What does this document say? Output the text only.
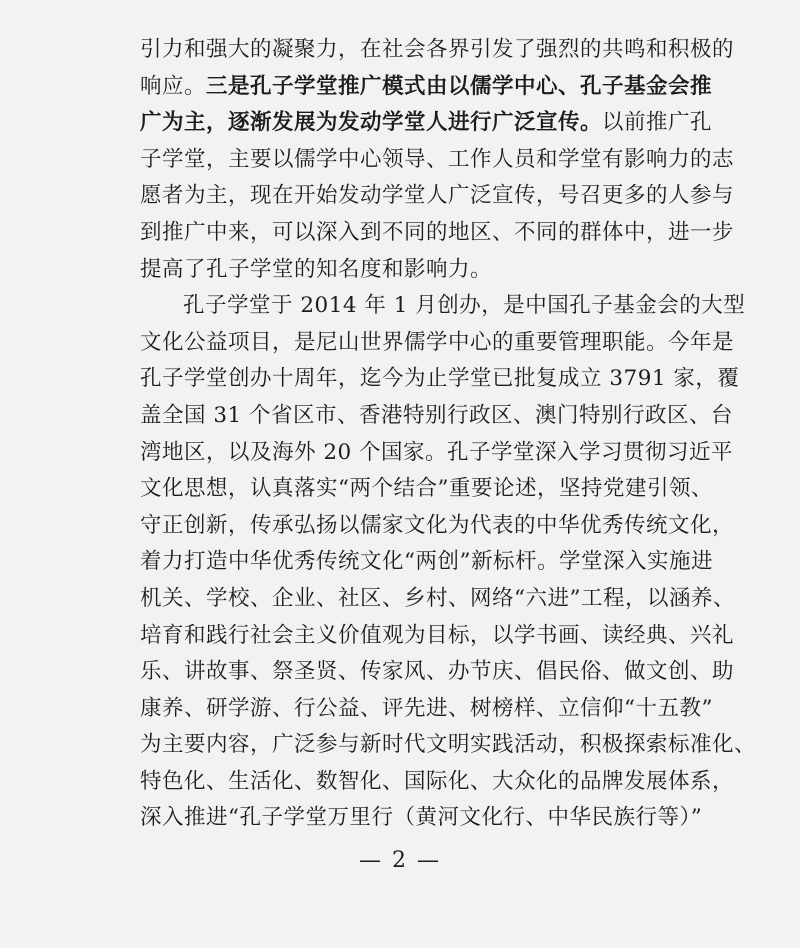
引力和强大的凝聚力，在社会各界引发了强烈的共鸣和积极的
响应。三是孔子学堂推广模式由以儒学中心、孔子基金会推
广为主，逐渐发展为发动学堂人进行广泛宣传。以前推广孔
子学堂，主要以儒学中心领导、工作人员和学堂有影响力的志
愿者为主，现在开始发动学堂人广泛宣传，号召更多的人参与
到推广中来，可以深入到不同的地区、不同的群体中，进一步
提高了孔子学堂的知名度和影响力。
孔子学堂于 2014 年 1 月创办，是中国孔子基金会的大型
文化公益项目，是尼山世界儒学中心的重要管理职能。今年是
孔子学堂创办十周年，迄今为止学堂已批复成立 3791 家，覆
盖全国 31 个省区市、香港特别行政区、澳门特别行政区、台
湾地区，以及海外 20 个国家。孔子学堂深入学习贯彻习近平
文化思想，认真落实“两个结合”重要论述，坚持党建引领、
守正创新，传承弘扬以儒家文化为代表的中华优秀传统文化，
着力打造中华优秀传统文化“两创”新标杆。学堂深入实施进
机关、学校、企业、社区、乡村、网络“六进”工程，以涵养、
培育和践行社会主义价值观为目标，以学书画、读经典、兴礼
乐、讲故事、祭圣贤、传家风、办节庆、倡民俗、做文创、助
康养、研学游、行公益、评先进、树榜样、立信仰“十五教”
为主要内容，广泛参与新时代文明实践活动，积极探索标准化、
特色化、生活化、数智化、国际化、大众化的品牌发展体系，
深入推进“孔子学堂万里行（黄河文化行、中华民族行等）”
— 2 —
